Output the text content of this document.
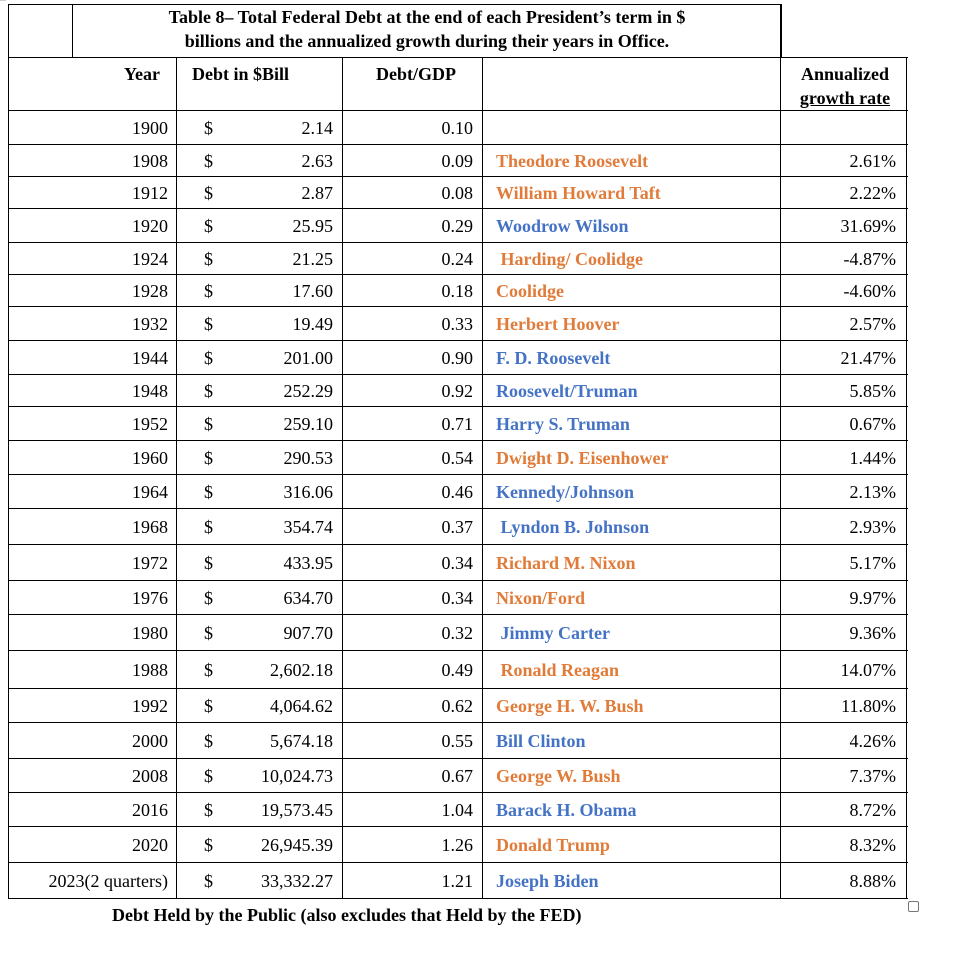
Table 8– Total Federal Debt at the end of each President’s term in $
billions and the annualized growth during their years in Office.
Year Debt in $Bill	Debt/GDP	Annualized
growth rate
1900 $	2.14	0.10
1908 $	2.63	0.09 Theodore Roosevelt	2.61%
1912 $	2.87	0.08 William Howard Taft	2.22%
1920 $	25.95	0.29 Woodrow Wilson	31.69%
1924 $	21.25	0.24 Harding/ Coolidge	-4.87%
1928 $	17.60	0.18 Coolidge	-4.60%
1932 $	19.49	0.33 Herbert Hoover	2.57%
1944 $	201.00	0.90 F. D. Roosevelt	21.47%
1948 $	252.29	0.92 Roosevelt/Truman	5.85%
1952 $	259.10	0.71 Harry S. Truman	0.67%
1960 $	290.53	0.54 Dwight D. Eisenhower	1.44%
1964 $	316.06	0.46 Kennedy/Johnson	2.13%
1968 $	354.74	0.37 Lyndon B. Johnson	2.93%
1972 $	433.95	0.34 Richard M. Nixon	5.17%
1976 $	634.70	0.34 Nixon/Ford	9.97%
1980 $	907.70	0.32 Jimmy Carter	9.36%
1988 $	2,602.18	0.49 Ronald Reagan	14.07%
1992 $	4,064.62	0.62 George H. W. Bush	11.80%
2000 $	5,674.18	0.55 Bill Clinton	4.26%
2008 $	10,024.73	0.67 George W. Bush	7.37%
2016 $	19,573.45	1.04 Barack H. Obama	8.72%
2020 $	26,945.39	1.26 Donald Trump	8.32%
2023(2 quarters) $	33,332.27	1.21 Joseph Biden	8.88%
Debt Held by the Public (also excludes that Held by the FED)
